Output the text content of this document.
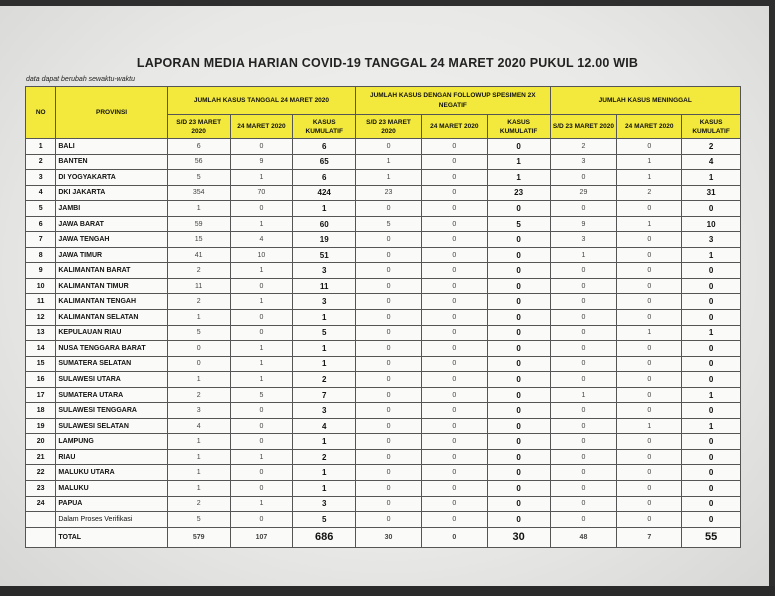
LAPORAN MEDIA HARIAN COVID-19 TANGGAL 24 MARET 2020 PUKUL 12.00 WIB
data dapat berubah sewaktu-waktu
NO	PROVINSI	JUMLAH KASUS TANGGAL 24 MARET 2020			JUMLAH KASUS DENGAN FOLLOWUP SPESIMEN 2X NEGATIF			JUMLAH KASUS MENINGGAL		
		S/D 23 MARET 2020	24 MARET 2020	KASUS KUMULATIF	S/D 23 MARET 2020	24 MARET 2020	KASUS KUMULATIF	S/D 23 MARET 2020	24 MARET 2020	KASUS KUMULATIF
1	BALI	6	0	6	0	0	0	2	0	2
2	BANTEN	56	9	65	1	0	1	3	1	4
3	DI YOGYAKARTA	5	1	6	1	0	1	0	1	1
4	DKI JAKARTA	354	70	424	23	0	23	29	2	31
5	JAMBI	1	0	1	0	0	0	0	0	0
6	JAWA BARAT	59	1	60	5	0	5	9	1	10
7	JAWA TENGAH	15	4	19	0	0	0	3	0	3
8	JAWA TIMUR	41	10	51	0	0	0	1	0	1
9	KALIMANTAN BARAT	2	1	3	0	0	0	0	0	0
10	KALIMANTAN TIMUR	11	0	11	0	0	0	0	0	0
11	KALIMANTAN TENGAH	2	1	3	0	0	0	0	0	0
12	KALIMANTAN SELATAN	1	0	1	0	0	0	0	0	0
13	KEPULAUAN RIAU	5	0	5	0	0	0	0	1	1
14	NUSA TENGGARA BARAT	0	1	1	0	0	0	0	0	0
15	SUMATERA SELATAN	0	1	1	0	0	0	0	0	0
16	SULAWESI UTARA	1	1	2	0	0	0	0	0	0
17	SUMATERA UTARA	2	5	7	0	0	0	1	0	1
18	SULAWESI TENGGARA	3	0	3	0	0	0	0	0	0
19	SULAWESI SELATAN	4	0	4	0	0	0	0	1	1
20	LAMPUNG	1	0	1	0	0	0	0	0	0
21	RIAU	1	1	2	0	0	0	0	0	0
22	MALUKU UTARA	1	0	1	0	0	0	0	0	0
23	MALUKU	1	0	1	0	0	0	0	0	0
24	PAPUA	2	1	3	0	0	0	0	0	0
	Dalam Proses Verifikasi	5	0	5	0	0	0	0	0	0
	TOTAL	579	107	686	30	0	30	48	7	55
